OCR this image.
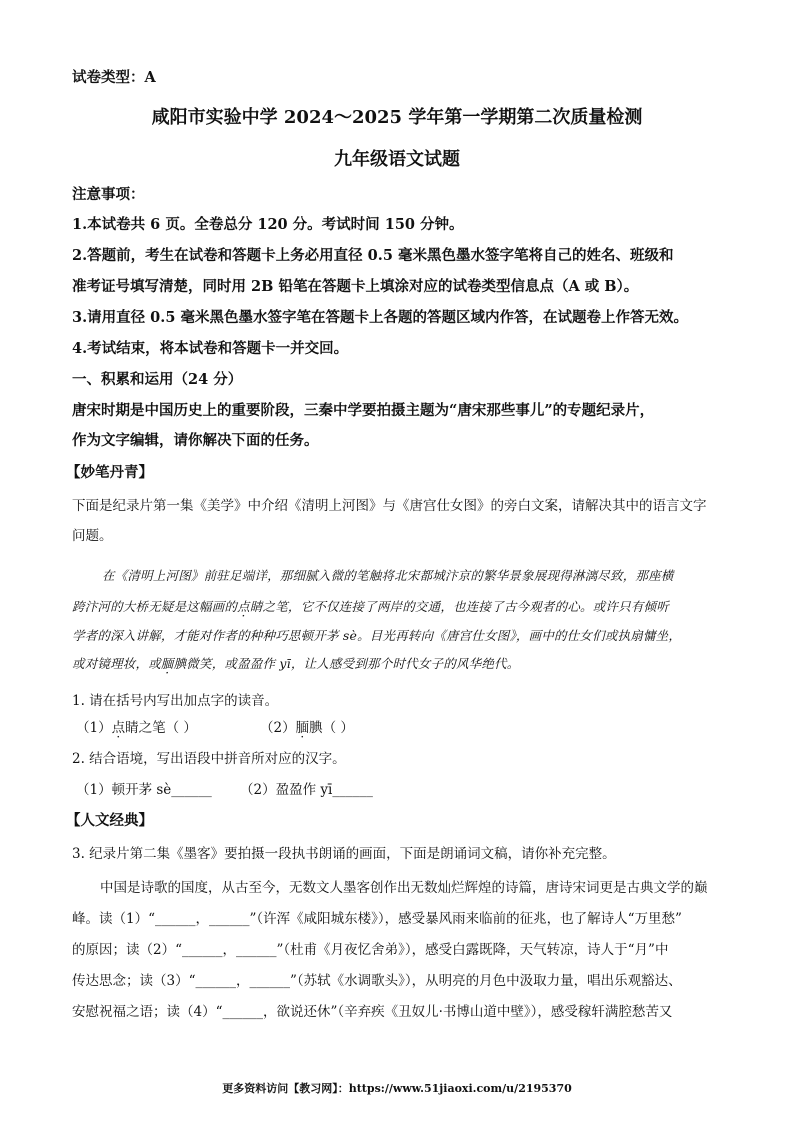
试卷类型：A
咸阳市实验中学 2024～2025 学年第一学期第二次质量检测
九年级语文试题
注意事项：
1.本试卷共 6 页。全卷总分 120 分。考试时间 150 分钟。
2.答题前，考生在试卷和答题卡上务必用直径 0.5 毫米黑色墨水签字笔将自己的姓名、班级和
准考证号填写清楚，同时用 2B 铅笔在答题卡上填涂对应的试卷类型信息点（A 或 B）。
3.请用直径 0.5 毫米黑色墨水签字笔在答题卡上各题的答题区域内作答，在试题卷上作答无效。
4.考试结束，将本试卷和答题卡一并交回。
一、积累和运用（24 分）
唐宋时期是中国历史上的重要阶段，三秦中学要拍摄主题为“唐宋那些事儿”的专题纪录片，
作为文字编辑，请你解决下面的任务。
【妙笔丹青】
下面是纪录片第一集《美学》中介绍《清明上河图》与《唐宫仕女图》的旁白文案，请解决其中的语言文字
问题。
在《清明上河图》前驻足端详，那细腻入微的笔触将北宋都城汴京的繁华景象展现得淋漓尽致，那座横
跨汴河的大桥无疑是这幅画的点睛之笔，它不仅连接了两岸的交通，也连接了古今观者的心。或许只有倾听
学者的深入讲解，才能对作者的种种巧思顿开茅 sè。目光再转向《唐宫仕女图》，画中的仕女们或执扇慵坐，
或对镜理妆，或腼腆微笑，或盈盈作 yī，让人感受到那个时代女子的风华绝代。
1. 请在括号内写出加点字的读音。
（1）点睛之笔（ ）	（2）腼腆（ ）
2. 结合语境，写出语段中拼音所对应的汉字。
（1）顿开茅 sè______ （2）盈盈作 yī______
【人文经典】
3. 纪录片第二集《墨客》要拍摄一段执书朗诵的画面，下面是朗诵词文稿，请你补充完整。
中国是诗歌的国度，从古至今，无数文人墨客创作出无数灿烂辉煌的诗篇，唐诗宋词更是古典文学的巅
峰。读（1）“______，______”（许浑《咸阳城东楼》），感受暴风雨来临前的征兆，也了解诗人“万里愁”
的原因；读（2）“______，______”（杜甫《月夜忆舍弟》），感受白露既降，天气转凉，诗人于“月”中
传达思念；读（3）“______，______”（苏轼《水调歌头》），从明亮的月色中汲取力量，唱出乐观豁达、
安慰祝福之语；读（4）“______，欲说还休”（辛弃疾《丑奴儿·书博山道中壁》），感受稼轩满腔愁苦又
更多资料访问【教习网】：https://www.51jiaoxi.com/u/2195370
